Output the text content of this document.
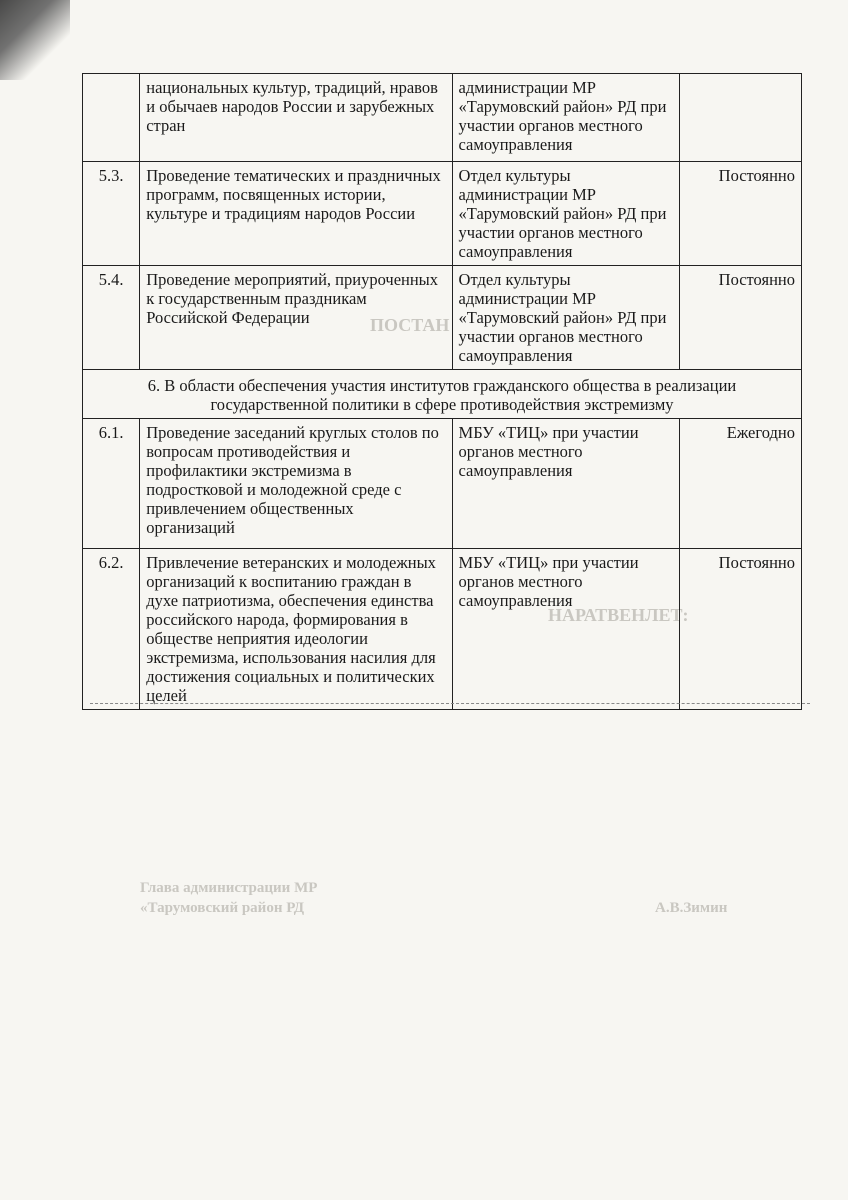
ПОСТАН
НАРАТВЕНЛЕТ:
Глава администрации МР
«Тарумовский район РД	А.В.Зимин
	национальных культур, традиций, нравов и обычаев народов России и зарубежных стран	администрации МР «Тарумовский район» РД при участии органов местного самоуправления	
5.3.	Проведение тематических и праздничных программ, посвященных истории, культуре и традициям народов России	Отдел культуры администрации МР «Тарумовский район» РД при участии органов местного самоуправления	Постоянно
5.4.	Проведение мероприятий, приуроченных к государственным праздникам Российской Федерации	Отдел культуры администрации МР «Тарумовский район» РД при участии органов местного самоуправления	Постоянно
6. В области обеспечения участия институтов гражданского общества в реализации государственной политики в сфере противодействия экстремизму			
6.1.	Проведение заседаний круглых столов по вопросам противодействия и профилактики экстремизма в подростковой и молодежной среде с привлечением общественных организаций	МБУ «ТИЦ» при участии органов местного самоуправления	Ежегодно
6.2.	Привлечение ветеранских и молодежных организаций к воспитанию граждан в духе патриотизма, обеспечения единства российского народа, формирования в обществе неприятия идеологии экстремизма, использования насилия для достижения социальных и политических целей	МБУ «ТИЦ» при участии органов местного самоуправления	Постоянно
